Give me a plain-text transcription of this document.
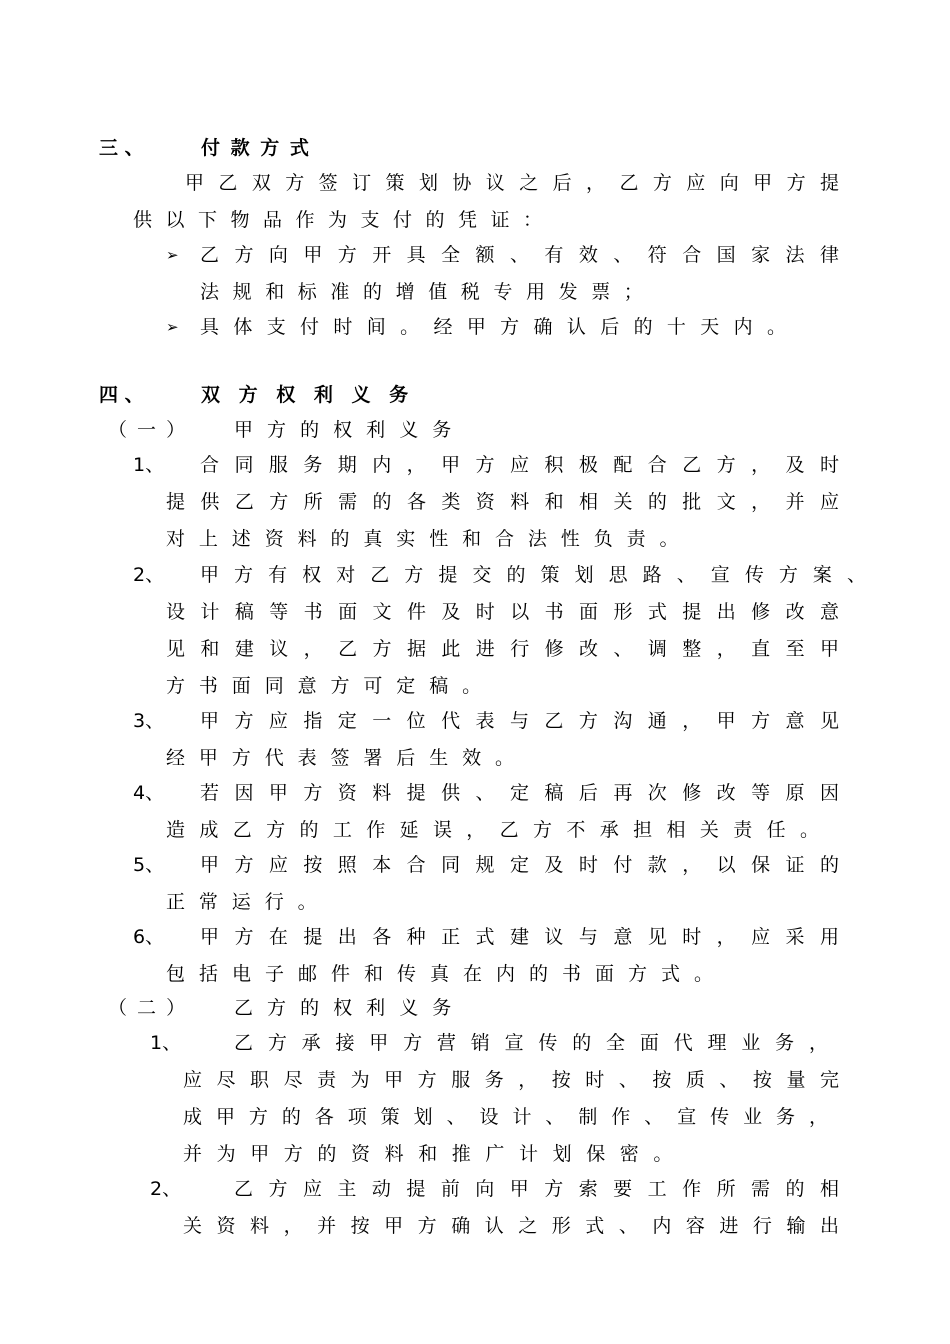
三 、	付 款 方 式
甲乙双方签订策划协议之后，乙方应向甲方提
供以下物品作为支付的凭证：
➢ 乙方向甲方开具全额、有效、符合国家法律
法规和标准的增值税专用发票；
➢ 具体支付时间。经甲方确认后的十天内。
四 、	双 方 权 利 义 务
（ 一 ） 甲 方 的 权 利 义 务
1、 合同服务期内，甲方应积极配合乙方，及时
提供乙方所需的各类资料和相关的批文，并应
对上述资料的真实性和合法性负责。
2、 甲方有权对乙方提交的策划思路、宣传方案、
设计稿等书面文件及时以书面形式提出修改意
见和建议，乙方据此进行修改、调整，直至甲
方书面同意方可定稿。
3、 甲方应指定一位代表与乙方沟通，甲方意见
经甲方代表签署后生效。
4、 若因甲方资料提供、定稿后再次修改等原因
造成乙方的工作延误，乙方不承担相关责任。
5、 甲方应按照本合同规定及时付款，以保证的
正常运行。
6、 甲方在提出各种正式建议与意见时，应采用
包括电子邮件和传真在内的书面方式。
（ 二 ） 乙 方 的 权 利 义 务
1、	乙方承接甲方营销宣传的全面代理业务，
应尽职尽责为甲方服务，按时、按质、按量完
成甲方的各项策划、设计、制作、宣传业务，
并为甲方的资料和推广计划保密。
2、	乙方应主动提前向甲方索要工作所需的相
关资料，并按甲方确认之形式、内容进行输出
